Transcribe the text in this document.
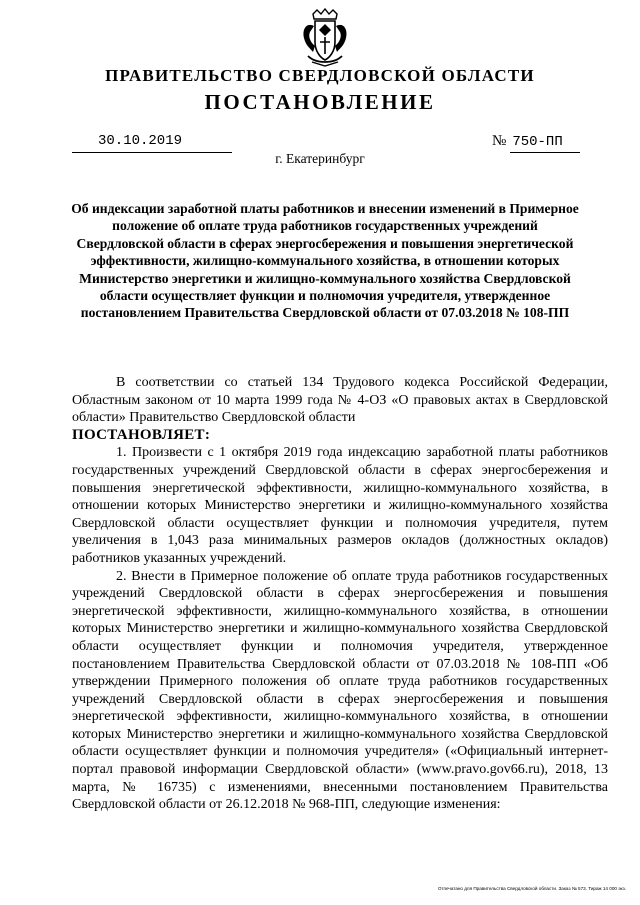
ПРАВИТЕЛЬСТВО СВЕРДЛОВСКОЙ ОБЛАСТИ
ПОСТАНОВЛЕНИЕ
30.10.2019	№ 750-ПП
г. Екатеринбург
Об индексации заработной платы работников и внесении изменений в Примерное положение об оплате труда работников государственных учреждений Свердловской области в сферах энергосбережения и повышения энергетической эффективности, жилищно-коммунального хозяйства, в отношении которых Министерство энергетики и жилищно-коммунального хозяйства Свердловской области осуществляет функции и полномочия учредителя, утвержденное постановлением Правительства Свердловской области от 07.03.2018 № 108-ПП

В соответствии со статьей 134 Трудового кодекса Российской Федерации, Областным законом от 10 марта 1999 года № 4-ОЗ «О правовых актах в Свердловской области» Правительство Свердловской области

ПОСТАНОВЛЯЕТ:

1. Произвести с 1 октября 2019 года индексацию заработной платы работников государственных учреждений Свердловской области в сферах энергосбережения и повышения энергетической эффективности, жилищно-коммунального хозяйства, в отношении которых Министерство энергетики и жилищно-коммунального хозяйства Свердловской области осуществляет функции и полномочия учредителя, путем увеличения в 1,043 раза минимальных размеров окладов (должностных окладов) работников указанных учреждений.

2. Внести в Примерное положение об оплате труда работников государственных учреждений Свердловской области в сферах энергосбережения и повышения энергетической эффективности, жилищно-коммунального хозяйства, в отношении которых Министерство энергетики и жилищно-коммунального хозяйства Свердловской области осуществляет функции и полномочия учредителя, утвержденное постановлением Правительства Свердловской области от 07.03.2018 № 108-ПП «Об утверждении Примерного положения об оплате труда работников государственных учреждений Свердловской области в сферах энергосбережения и повышения энергетической эффективности, жилищно-коммунального хозяйства, в отношении которых Министерство энергетики и жилищно-коммунального хозяйства Свердловской области осуществляет функции и полномочия учредителя» («Официальный интернет-портал правовой информации Свердловской области» (www.pravo.gov66.ru), 2018, 13 марта, № 16735) с изменениями, внесенными постановлением Правительства Свердловской области от 26.12.2018 № 968-ПП, следующие изменения:

Отпечатано для Правительства Свердловской области. Заказ № 573. Тираж 14 000 экз.
